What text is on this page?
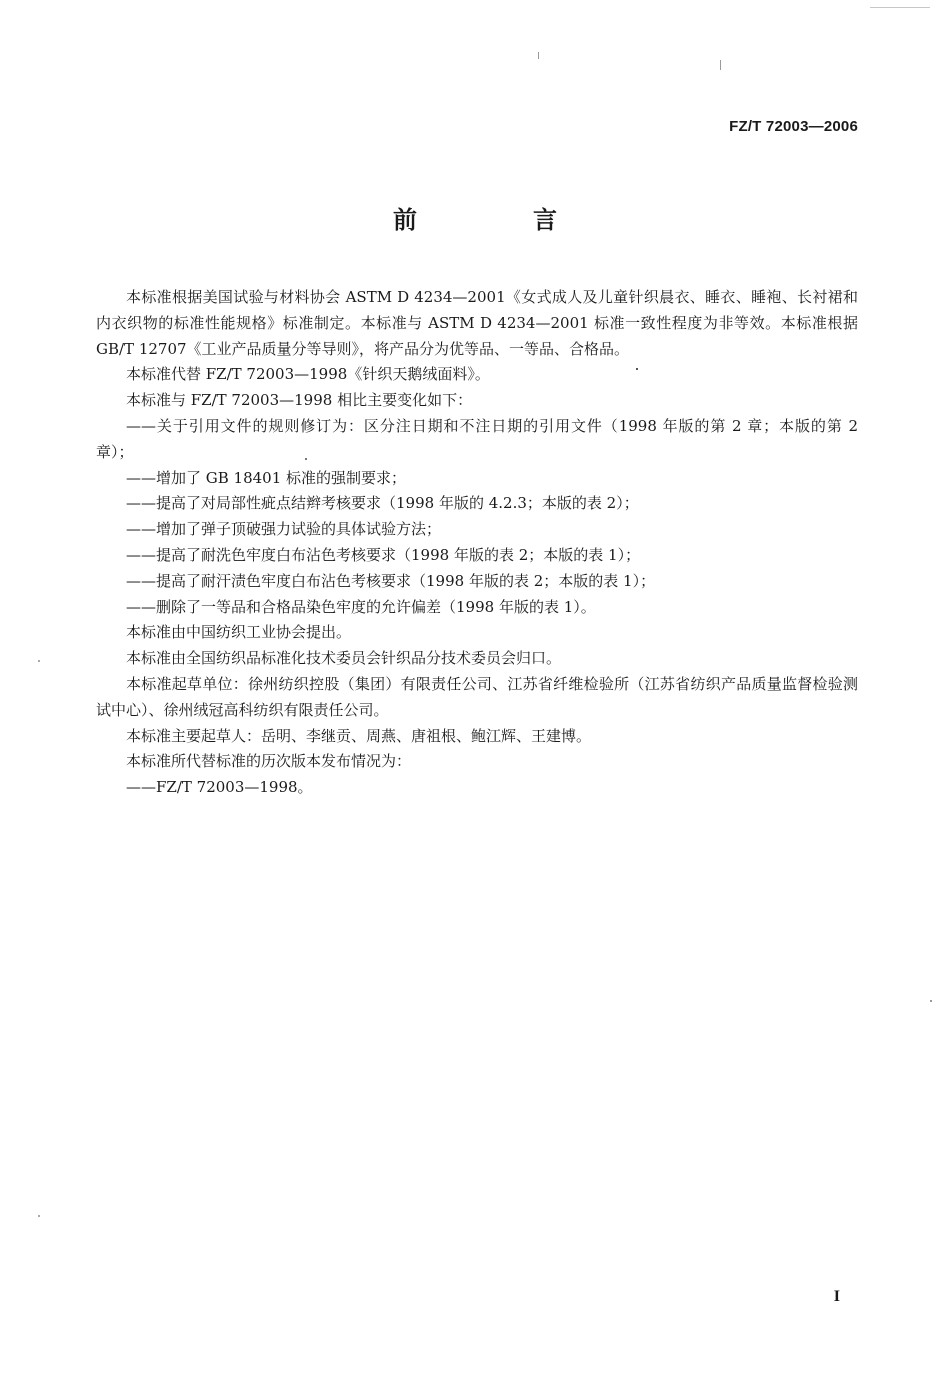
FZ/T 72003—2006
前　言

本标准根据美国试验与材料协会 ASTM D 4234—2001《女式成人及儿童针织晨衣、睡衣、睡袍、长衬裙和内衣织物的标准性能规格》标准制定。本标准与 ASTM D 4234—2001 标准一致性程度为非等效。本标准根据 GB/T 12707《工业产品质量分等导则》，将产品分为优等品、一等品、合格品。

本标准代替 FZ/T 72003—1998《针织天鹅绒面料》。

本标准与 FZ/T 72003—1998 相比主要变化如下：

——关于引用文件的规则修订为：区分注日期和不注日期的引用文件（1998 年版的第 2 章；本版的第 2 章）；

——增加了 GB 18401 标准的强制要求；

——提高了对局部性疵点结辫考核要求（1998 年版的 4.2.3；本版的表 2）；

——增加了弹子顶破强力试验的具体试验方法；

——提高了耐洗色牢度白布沾色考核要求（1998 年版的表 2；本版的表 1）；

——提高了耐汗渍色牢度白布沾色考核要求（1998 年版的表 2；本版的表 1）；

——删除了一等品和合格品染色牢度的允许偏差（1998 年版的表 1）。

本标准由中国纺织工业协会提出。

本标准由全国纺织品标准化技术委员会针织品分技术委员会归口。

本标准起草单位：徐州纺织控股（集团）有限责任公司、江苏省纤维检验所（江苏省纺织产品质量监督检验测试中心）、徐州绒冠高科纺织有限责任公司。

本标准主要起草人：岳明、李继贡、周燕、唐祖根、鲍江辉、王建博。

本标准所代替标准的历次版本发布情况为：

——FZ/T 72003—1998。

I
